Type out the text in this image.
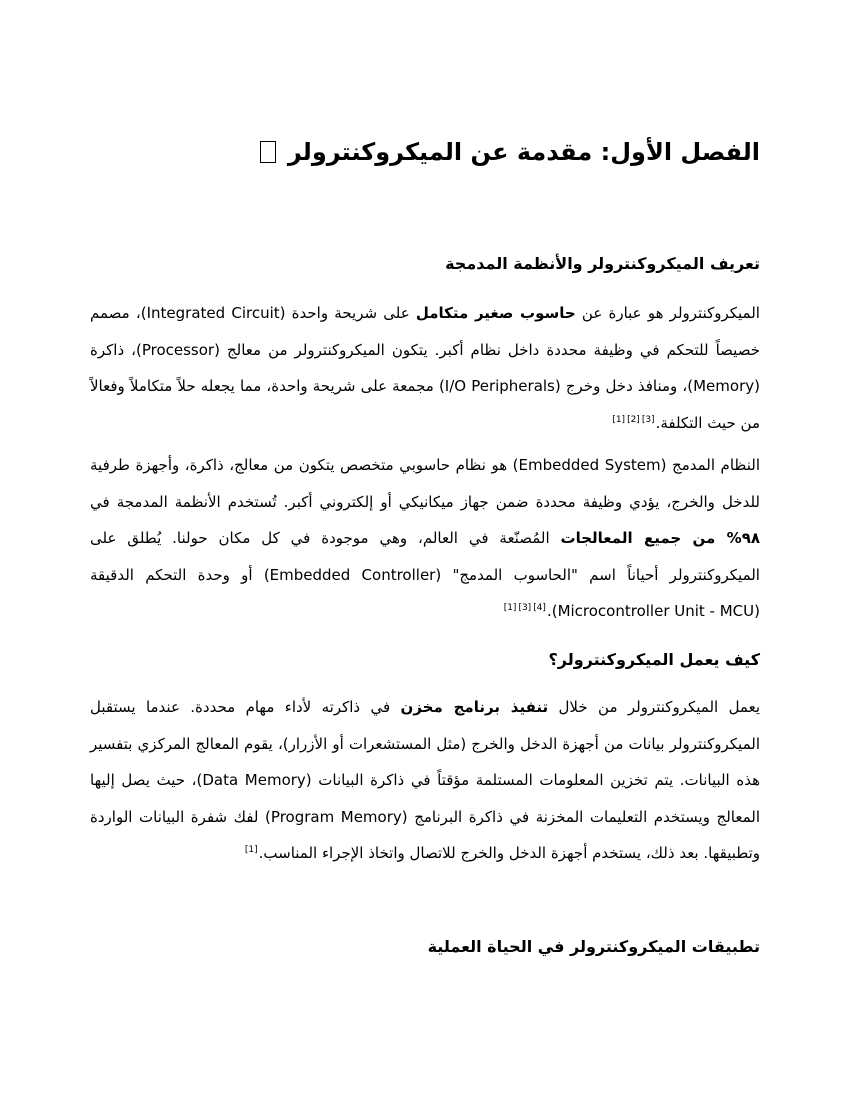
الفصل الأول: مقدمة عن الميكروكنترولر
تعريف الميكروكنترولر والأنظمة المدمجة

الميكروكنترولر هو عبارة عن حاسوب صغير متكامل على شريحة واحدة (Integrated Circuit)، مصمم خصيصاً للتحكم في وظيفة محددة داخل نظام أكبر. يتكون الميكروكنترولر من معالج (Processor)، ذاكرة (Memory)، ومنافذ دخل وخرج (I/O Peripherals) مجمعة على شريحة واحدة، مما يجعله حلاً متكاملاً وفعالاً من حيث التكلفة.[1] [2] [3]

النظام المدمج (Embedded System) هو نظام حاسوبي متخصص يتكون من معالج، ذاكرة، وأجهزة طرفية للدخل والخرج، يؤدي وظيفة محددة ضمن جهاز ميكانيكي أو إلكتروني أكبر. تُستخدم الأنظمة المدمجة في ٩٨% من جميع المعالجات المُصنّعة في العالم، وهي موجودة في كل مكان حولنا. يُطلق على الميكروكنترولر أحياناً اسم "الحاسوب المدمج" (Embedded Controller) أو وحدة التحكم الدقيقة (Microcontroller Unit - MCU).[1] [3] [4]

كيف يعمل الميكروكنترولر؟

يعمل الميكروكنترولر من خلال تنفيذ برنامج مخزن في ذاكرته لأداء مهام محددة. عندما يستقبل الميكروكنترولر بيانات من أجهزة الدخل والخرج (مثل المستشعرات أو الأزرار)، يقوم المعالج المركزي بتفسير هذه البيانات. يتم تخزين المعلومات المستلمة مؤقتاً في ذاكرة البيانات (Data Memory)، حيث يصل إليها المعالج ويستخدم التعليمات المخزنة في ذاكرة البرنامج (Program Memory) لفك شفرة البيانات الواردة وتطبيقها. بعد ذلك، يستخدم أجهزة الدخل والخرج للاتصال واتخاذ الإجراء المناسب.[1]

تطبيقات الميكروكنترولر في الحياة العملية
